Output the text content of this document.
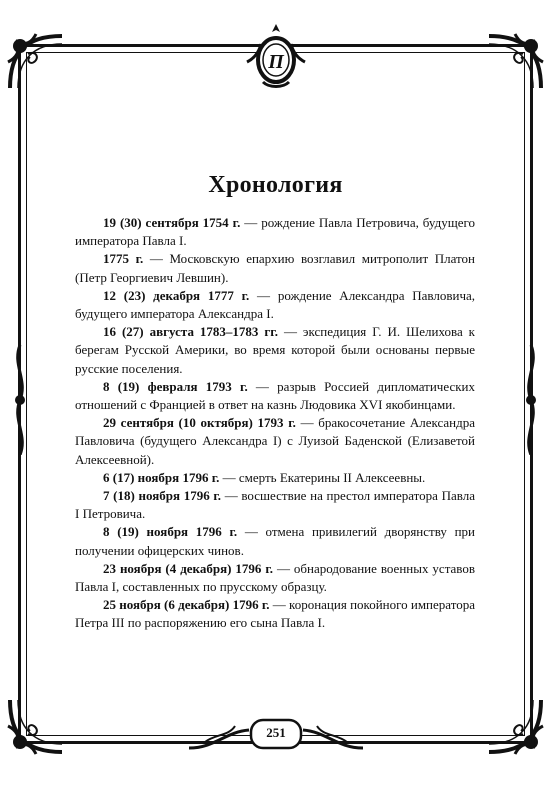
П
251
Хронология

19 (30) сентября 1754 г. — рождение Павла Петровича, будущего императора Павла I.

1775 г. — Московскую епархию возглавил митрополит Платон (Петр Георгиевич Левшин).

12 (23) декабря 1777 г. — рождение Александра Павловича, будущего императора Александра I.

16 (27) августа 1783–1783 гг. — экспедиция Г. И. Шелихова к берегам Русской Америки, во время которой были основаны первые русские поселения.

8 (19) февраля 1793 г. — разрыв Россией дипломатических отношений с Францией в ответ на казнь Людовика XVI якобинцами.

29 сентября (10 октября) 1793 г. — бракосочетание Александра Павловича (будущего Александра I) с Луизой Баденской (Елизаветой Алексеевной).

6 (17) ноября 1796 г. — смерть Екатерины II Алексеевны.

7 (18) ноября 1796 г. — восшествие на престол императора Павла I Петровича.

8 (19) ноября 1796 г. — отмена привилегий дворянству при получении офицерских чинов.

23 ноября (4 декабря) 1796 г. — обнародование военных уставов Павла I, составленных по прусскому образцу.

25 ноября (6 декабря) 1796 г. — коронация покойного императора Петра III по распоряжению его сына Павла I.
